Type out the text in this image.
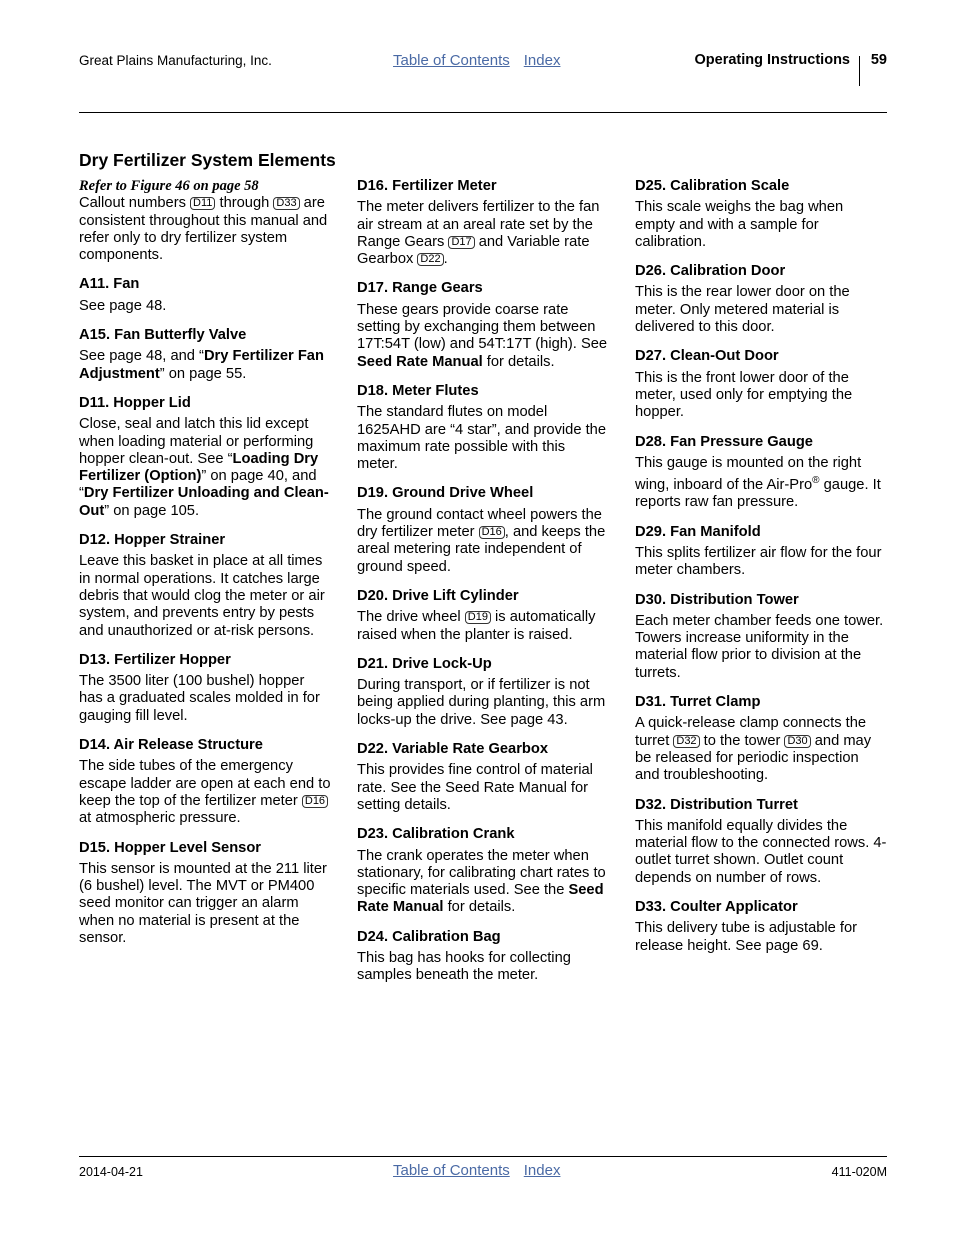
Great Plains Manufacturing, Inc.	Table of Contents Index	Operating Instructions 59
Dry Fertilizer System Elements
Refer to Figure 46 on page 58

Callout numbers D11 through D33 are consistent throughout this manual and refer only to dry fertilizer system components.

A11. Fan

See page 48.

A15. Fan Butterfly Valve

See page 48, and “Dry Fertilizer Fan Adjustment” on page 55.

D11. Hopper Lid

Close, seal and latch this lid except when loading material or performing hopper clean-out. See “Loading Dry Fertilizer (Option)” on page 40, and “Dry Fertilizer Unloading and Clean-Out” on page 105.

D12. Hopper Strainer

Leave this basket in place at all times in normal operations. It catches large debris that would clog the meter or air system, and prevents entry by pests and unauthorized or at-risk persons.

D13. Fertilizer Hopper

The 3500 liter (100 bushel) hopper has a graduated scales molded in for gauging fill level.

D14. Air Release Structure

The side tubes of the emergency escape ladder are open at each end to keep the top of the fertilizer meter D16 at atmospheric pressure.

D15. Hopper Level Sensor

This sensor is mounted at the 211 liter (6 bushel) level. The MVT or PM400 seed monitor can trigger an alarm when no material is present at the sensor.

D16. Fertilizer Meter

The meter delivers fertilizer to the fan air stream at an areal rate set by the Range Gears D17 and Variable rate Gearbox D22 .

D17. Range Gears

These gears provide coarse rate setting by exchanging them between 17T:54T (low) and 54T:17T (high). See Seed Rate Manual for details.

D18. Meter Flutes

The standard flutes on model 1625AHD are “4 star”, and provide the maximum rate possible with this meter.

D19. Ground Drive Wheel

The ground contact wheel powers the dry fertilizer meter D16 , and keeps the areal metering rate independent of ground speed.

D20. Drive Lift Cylinder

The drive wheel D19 is automatically raised when the planter is raised.

D21. Drive Lock-Up

During transport, or if fertilizer is not being applied during planting, this arm locks-up the drive. See page 43.

D22. Variable Rate Gearbox

This provides fine control of material rate. See the Seed Rate Manual for setting details.

D23. Calibration Crank

The crank operates the meter when stationary, for calibrating chart rates to specific materials used. See the Seed Rate Manual for details.

D24. Calibration Bag

This bag has hooks for collecting samples beneath the meter.

D25. Calibration Scale

This scale weighs the bag when empty and with a sample for calibration.

D26. Calibration Door

This is the rear lower door on the meter. Only metered material is delivered to this door.

D27. Clean-Out Door

This is the front lower door of the meter, used only for emptying the hopper.

D28. Fan Pressure Gauge

This gauge is mounted on the right wing, inboard of the Air-Pro® gauge. It reports raw fan pressure.

D29. Fan Manifold

This splits fertilizer air flow for the four meter chambers.

D30. Distribution Tower

Each meter chamber feeds one tower. Towers increase uniformity in the material flow prior to division at the turrets.

D31. Turret Clamp

A quick-release clamp connects the turret D32 to the tower D30 and may be released for periodic inspection and troubleshooting.

D32. Distribution Turret

This manifold equally divides the material flow to the connected rows. 4-outlet turret shown. Outlet count depends on number of rows.

D33. Coulter Applicator

This delivery tube is adjustable for release height. See page 69.

2014-04-21	Table of Contents Index	411-020M
